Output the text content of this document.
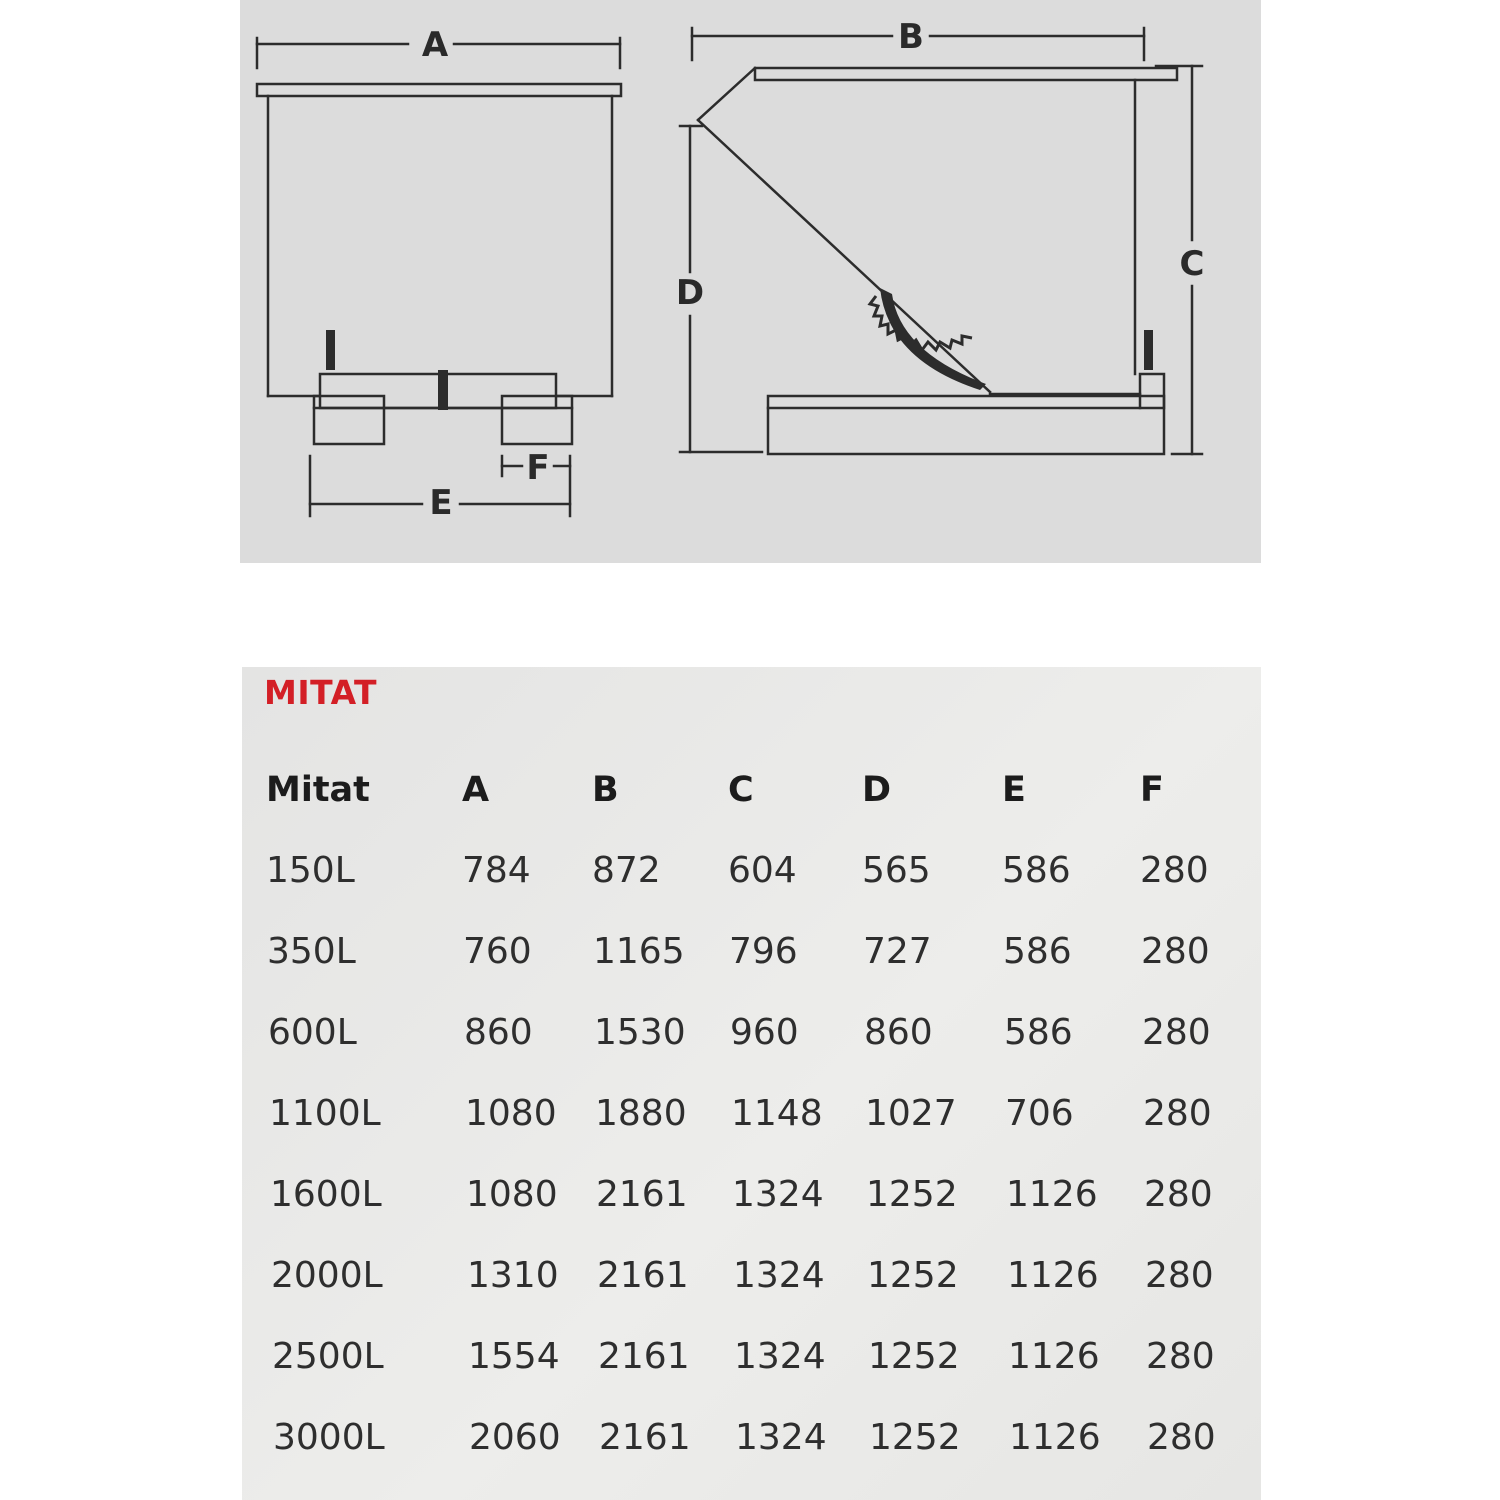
A	B
C
D
E
F
MITAT
Mitat	A	B	C	D	E	F
150L	784 872 604 565 586 280
350L	760 1165 796 727 586 280
600L	860 1530 960 860 586 280
1100L 1080 1880 1148 1027 706 280
1600L 1080 2161 1324 1252 1126 280
2000L 1310 2161 1324 1252 1126 280
2500L 1554 2161 1324 1252 1126 280
3000L 2060 2161 1324 1252 1126 280
